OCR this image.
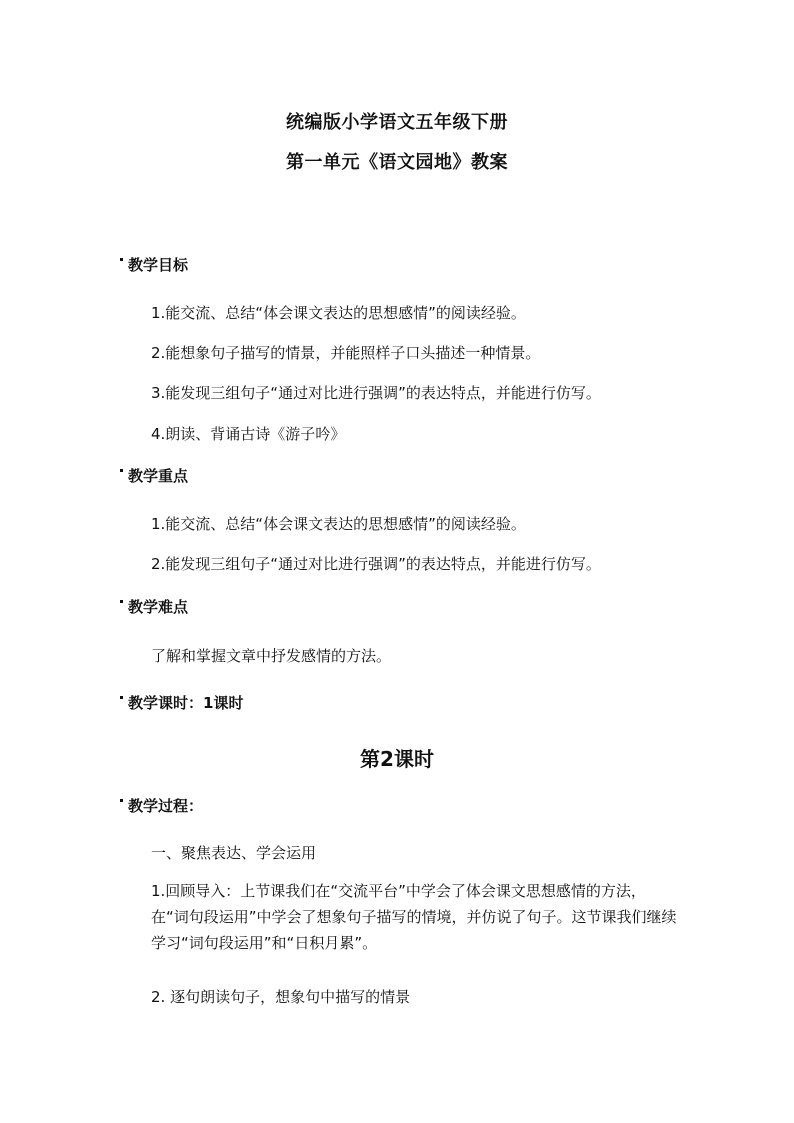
统编版小学语文五年级下册
第一单元《语文园地》教案
教学目标
1.能交流、总结“体会课文表达的思想感情”的阅读经验。
2.能想象句子描写的情景，并能照样子口头描述一种情景。
3.能发现三组句子“通过对比进行强调”的表达特点，并能进行仿写。
4.朗读、背诵古诗《游子吟》
教学重点
1.能交流、总结“体会课文表达的思想感情”的阅读经验。
2.能发现三组句子“通过对比进行强调”的表达特点，并能进行仿写。
教学难点
了解和掌握文章中抒发感情的方法。
教学课时：1课时
第2课时
教学过程：
一、聚焦表达、学会运用
1.回顾导入：上节课我们在“交流平台”中学会了体会课文思想感情的方法，在“词句段运用”中学会了想象句子描写的情境，并仿说了句子。这节课我们继续学习“词句段运用”和“日积月累”。
2. 逐句朗读句子，想象句中描写的情景
